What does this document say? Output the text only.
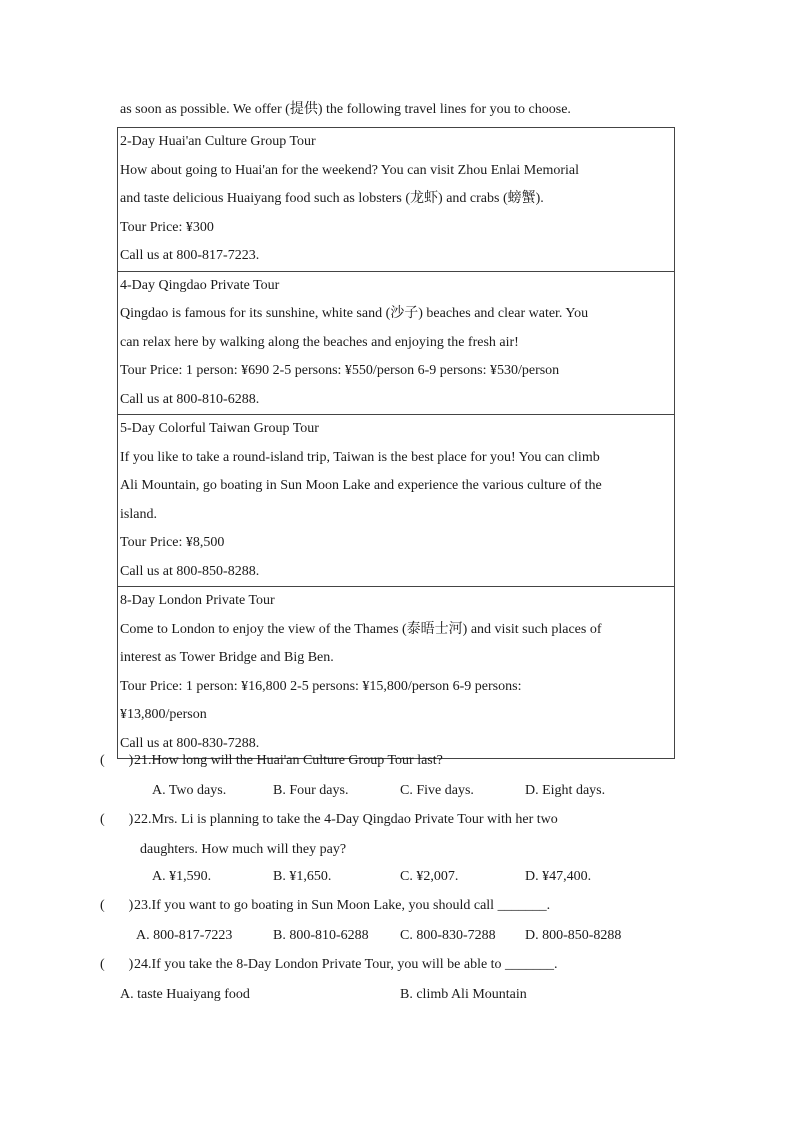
as soon as possible. We offer (提供) the following travel lines for you to choose.
2-Day Huai'an Culture Group Tour
How about going to Huai'an for the weekend? You can visit Zhou Enlai Memorial
and taste delicious Huaiyang food such as lobsters (龙虾) and crabs (螃蟹).
Tour Price: ¥300
Call us at 800-817-7223.
4-Day Qingdao Private Tour
Qingdao is famous for its sunshine, white sand (沙子) beaches and clear water. You
can relax here by walking along the beaches and enjoying the fresh air!
Tour Price: 1 person: ¥690 2-5 persons: ¥550/person 6-9 persons: ¥530/person
Call us at 800-810-6288.
5-Day Colorful Taiwan Group Tour
If you like to take a round-island trip, Taiwan is the best place for you! You can climb
Ali Mountain, go boating in Sun Moon Lake and experience the various culture of the
island.
Tour Price: ¥8,500
Call us at 800-850-8288.
8-Day London Private Tour
Come to London to enjoy the view of the Thames (泰晤士河) and visit such places of
interest as Tower Bridge and Big Ben.
Tour Price: 1 person: ¥16,800 2-5 persons: ¥15,800/person 6-9 persons:
¥13,800/person
Call us at 800-830-7288.
( )21.How long will the Huai'an Culture Group Tour last?
A. Two days.	B. Four days.	C. Five days.	D. Eight days.
( )22.Mrs. Li is planning to take the 4-Day Qingdao Private Tour with her two
daughters. How much will they pay?
A. ¥1,590.	B. ¥1,650.	C. ¥2,007.	D. ¥47,400.
( )23.If you want to go boating in Sun Moon Lake, you should call _______.
A. 800-817-7223	B. 800-810-6288 C. 800-830-7288 D. 800-850-8288
( )24.If you take the 8-Day London Private Tour, you will be able to _______.
A. taste Huaiyang food	B. climb Ali Mountain
